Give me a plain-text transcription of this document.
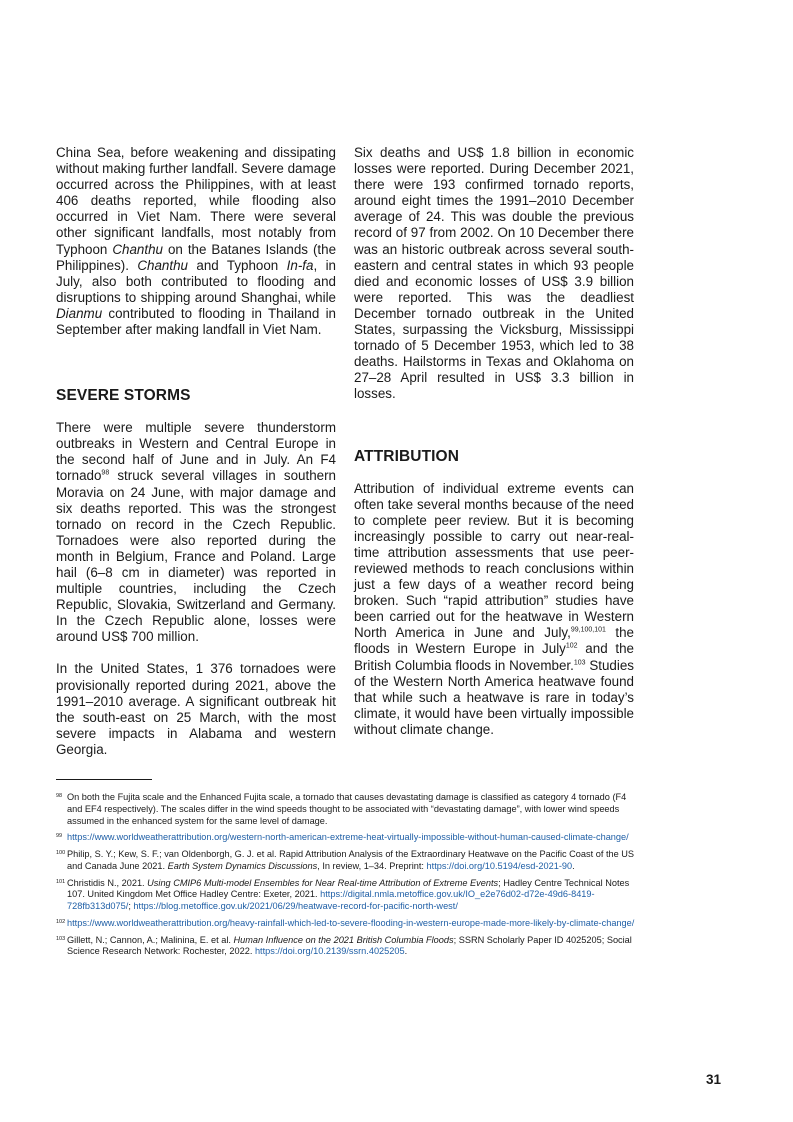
China Sea, before weakening and dissipating without making further landfall. Severe damage occurred across the Philippines, with at least 406 deaths reported, while flooding also occurred in Viet Nam. There were several other significant landfalls, most notably from Typhoon Chanthu on the Batanes Islands (the Philippines). Chanthu and Typhoon In-fa, in July, also both contributed to flooding and disruptions to shipping around Shanghai, while Dianmu contributed to flooding in Thailand in September after making landfall in Viet Nam.

SEVERE STORMS

There were multiple severe thunderstorm outbreaks in Western and Central Europe in the second half of June and in July. An F4 tornado$^{98}$ struck several villages in southern Moravia on 24 June, with major damage and six deaths reported. This was the strongest tornado on record in the Czech Republic. Tornadoes were also reported during the month in Belgium, France and Poland. Large hail (6–8 cm in diameter) was reported in multiple countries, including the Czech Republic, Slovakia, Switzerland and Germany. In the Czech Republic alone, losses were around US$ 700 million.

In the United States, 1 376 tornadoes were provisionally reported during 2021, above the 1991–2010 average. A significant outbreak hit the south-east on 25 March, with the most severe impacts in Alabama and western Georgia.

Six deaths and US$ 1.8 billion in economic losses were reported. During December 2021, there were 193 confirmed tornado reports, around eight times the 1991–2010 December average of 24. This was double the previous record of 97 from 2002. On 10 December there was an historic outbreak across several south-eastern and central states in which 93 people died and economic losses of US$ 3.9 billion were reported. This was the deadliest December tornado outbreak in the United States, surpassing the Vicksburg, Mississippi tornado of 5 December 1953, which led to 38 deaths. Hailstorms in Texas and Oklahoma on 27–28 April resulted in US$ 3.3 billion in losses.

ATTRIBUTION

Attribution of individual extreme events can often take several months because of the need to complete peer review. But it is becoming increasingly possible to carry out near-real-time attribution assessments that use peer-reviewed methods to reach conclusions within just a few days of a weather record being broken. Such “rapid attribution” studies have been carried out for the heatwave in Western North America in June and July,$^{99,100,101}$ the floods in Western Europe in July$^{102}$ and the British Columbia floods in November.$^{103}$ Studies of the Western North America heatwave found that while such a heatwave is rare in today’s climate, it would have been virtually impossible without climate change.

98 On both the Fujita scale and the Enhanced Fujita scale, a tornado that causes devastating damage is classified as category 4 tornado (F4 and EF4 respectively). The scales differ in the wind speeds thought to be associated with “devastating damage”, with lower wind speeds assumed in the enhanced system for the same level of damage.
99 https://www.worldweatherattribution.org/western-north-american-extreme-heat-virtually-impossible-without-human-caused-climate-change/
100 Philip, S. Y.; Kew, S. F.; van Oldenborgh, G. J. et al. Rapid Attribution Analysis of the Extraordinary Heatwave on the Pacific Coast of the US and Canada June 2021. Earth System Dynamics Discussions, In review, 1–34. Preprint: https://doi.org/10.5194/esd-2021-90.
101 Christidis N., 2021. Using CMIP6 Multi-model Ensembles for Near Real-time Attribution of Extreme Events; Hadley Centre Technical Notes 107. United Kingdom Met Office Hadley Centre: Exeter, 2021. https://digital.nmla.metoffice.gov.uk/IO_e2e76d02-d72e-49d6-8419-728fb313d075/; https://blog.metoffice.gov.uk/2021/06/29/heatwave-record-for-pacific-north-west/
102 https://www.worldweatherattribution.org/heavy-rainfall-which-led-to-severe-flooding-in-western-europe-made-more-likely-by-climate-change/
103 Gillett, N.; Cannon, A.; Malinina, E. et al. Human Influence on the 2021 British Columbia Floods; SSRN Scholarly Paper ID 4025205; Social Science Research Network: Rochester, 2022. https://doi.org/10.2139/ssrn.4025205.
31
